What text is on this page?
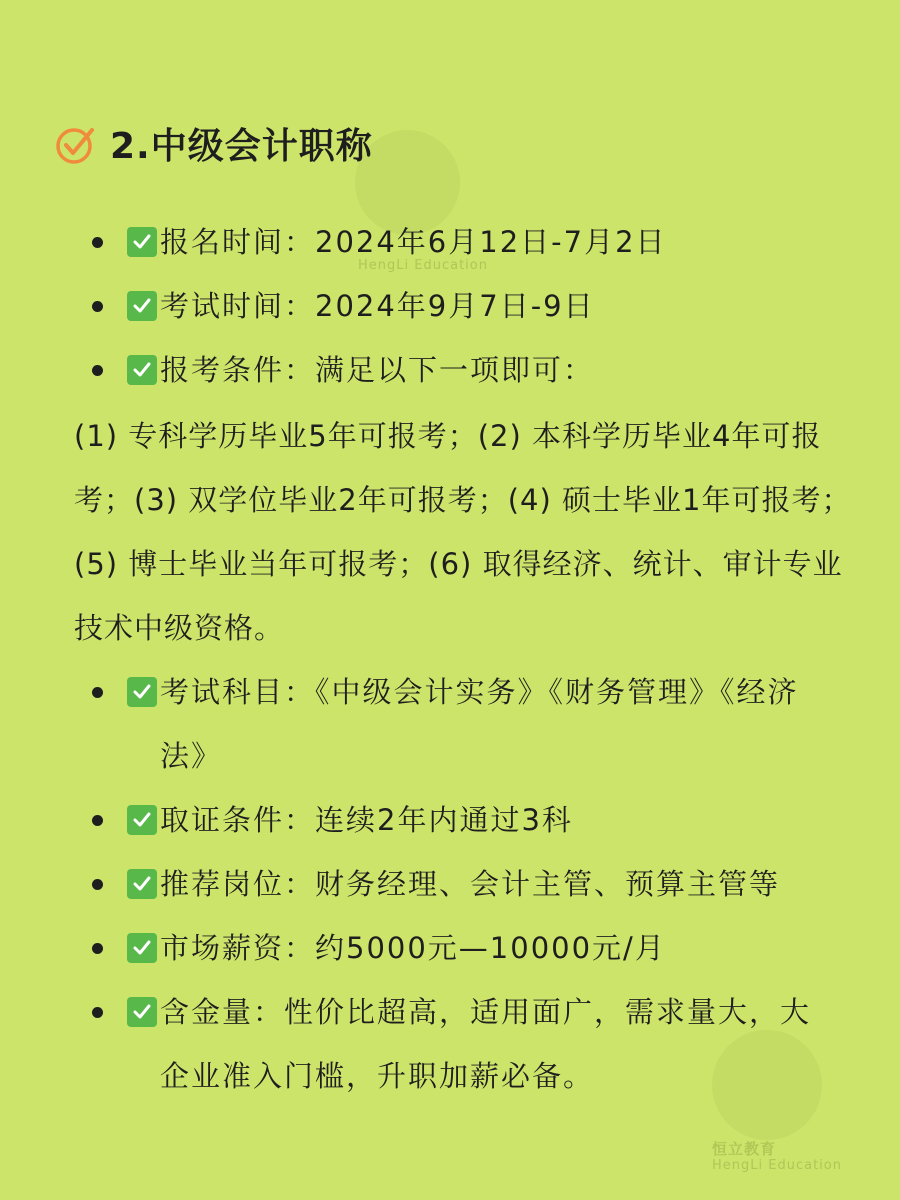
HengLi Education
恒立教育
HengLi Education
2.中级会计职称
报名时间：2024年6月12日-7月2日
考试时间：2024年9月7日-9日
报考条件：满足以下一项即可：
(1) 专科学历毕业5年可报考；(2) 本科学历毕业4年可报考；(3) 双学位毕业2年可报考；(4) 硕士毕业1年可报考；(5) 博士毕业当年可报考；(6) 取得经济、统计、审计专业技术中级资格。
考试科目：《中级会计实务》《财务管理》《经济法》
取证条件：连续2年内通过3科
推荐岗位：财务经理、会计主管、预算主管等
市场薪资：约5000元—10000元/月
含金量：性价比超高，适用面广，需求量大，大企业准入门槛，升职加薪必备。
